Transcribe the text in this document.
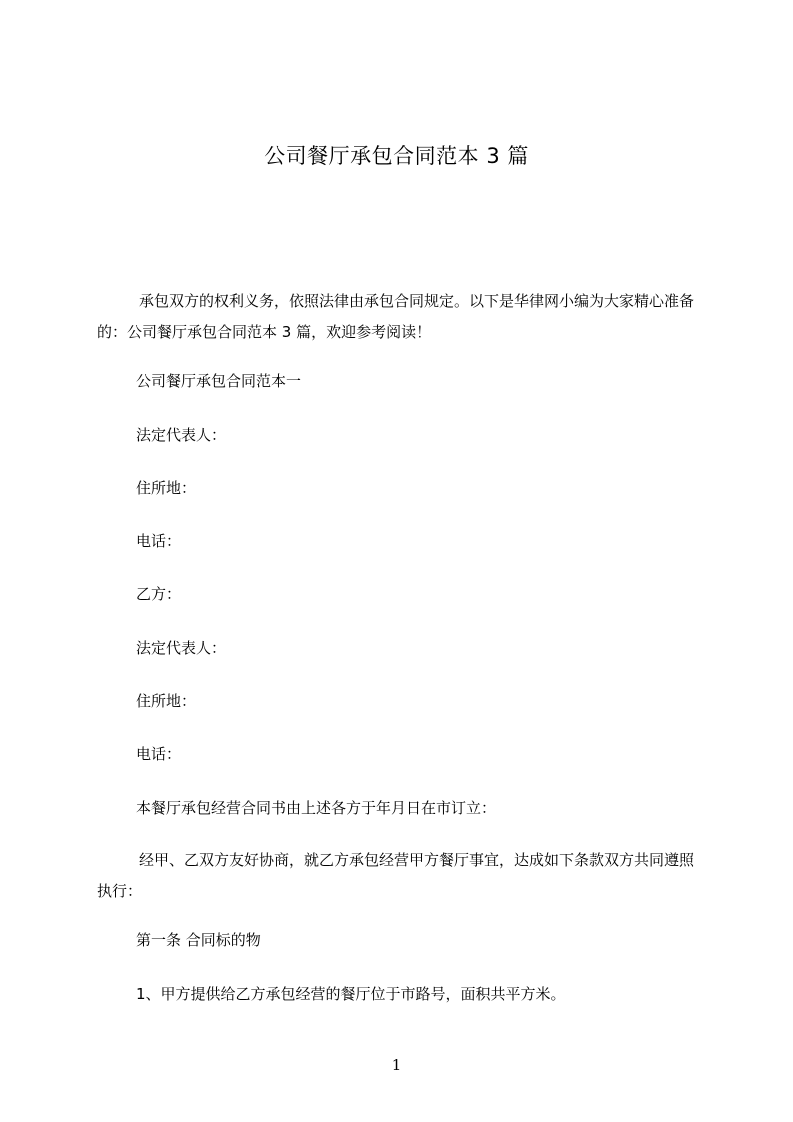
公司餐厅承包合同范本 3 篇

承包双方的权利义务，依照法律由承包合同规定。以下是华律网小编为大家精心准备的：公司餐厅承包合同范本 3 篇，欢迎参考阅读！

公司餐厅承包合同范本一
法定代表人：
住所地：
电话：
乙方：
法定代表人：
住所地：
电话：
本餐厅承包经营合同书由上述各方于年月日在市订立：

经甲、乙双方友好协商，就乙方承包经营甲方餐厅事宜，达成如下条款双方共同遵照执行：

第一条 合同标的物
1、甲方提供给乙方承包经营的餐厅位于市路号，面积共平方米。
1
